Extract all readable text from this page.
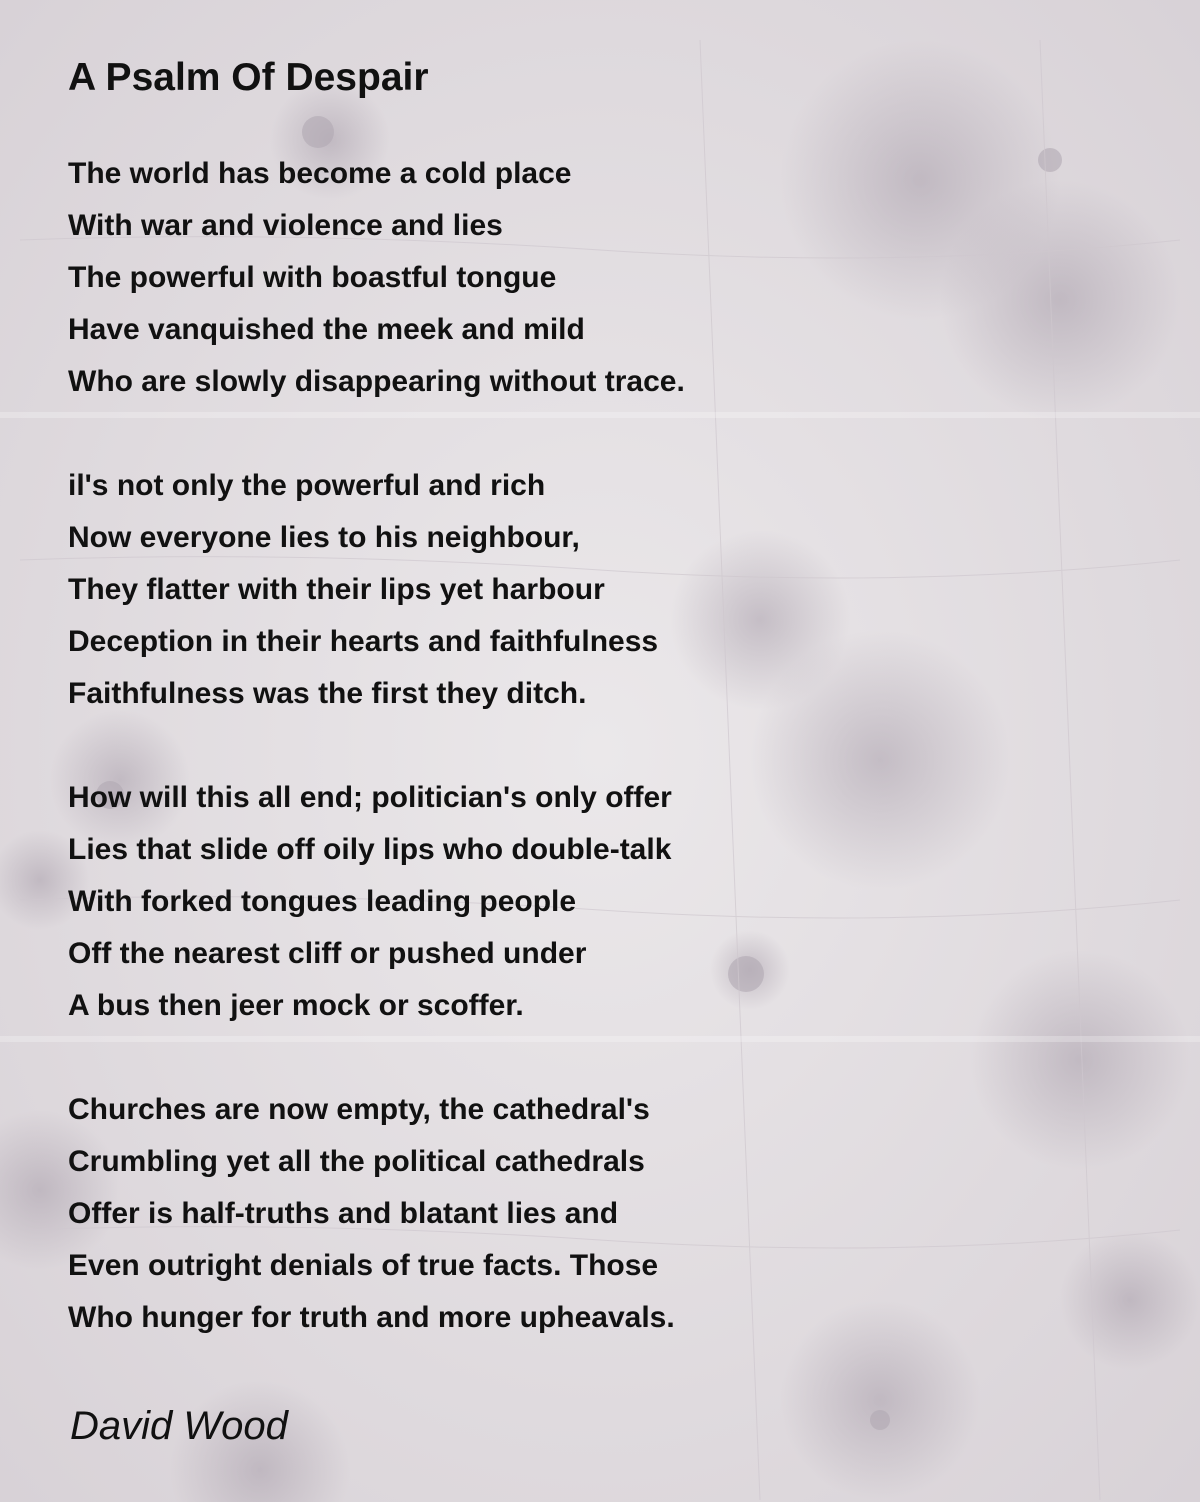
A Psalm Of Despair
The world has become a cold place
With war and violence and lies
The powerful with boastful tongue
Have vanquished the meek and mild
Who are slowly disappearing without trace.
il's not only the powerful and rich
Now everyone lies to his neighbour,
They flatter with their lips yet harbour
Deception in their hearts and faithfulness
Faithfulness was the first they ditch.
How will this all end; politician's only offer
Lies that slide off oily lips who double-talk
With forked tongues leading people
Off the nearest cliff or pushed under
A bus then jeer mock or scoffer.
Churches are now empty, the cathedral's
Crumbling yet all the political cathedrals
Offer is half-truths and blatant lies and
Even outright denials of true facts. Those
Who hunger for truth and more upheavals.

David Wood
